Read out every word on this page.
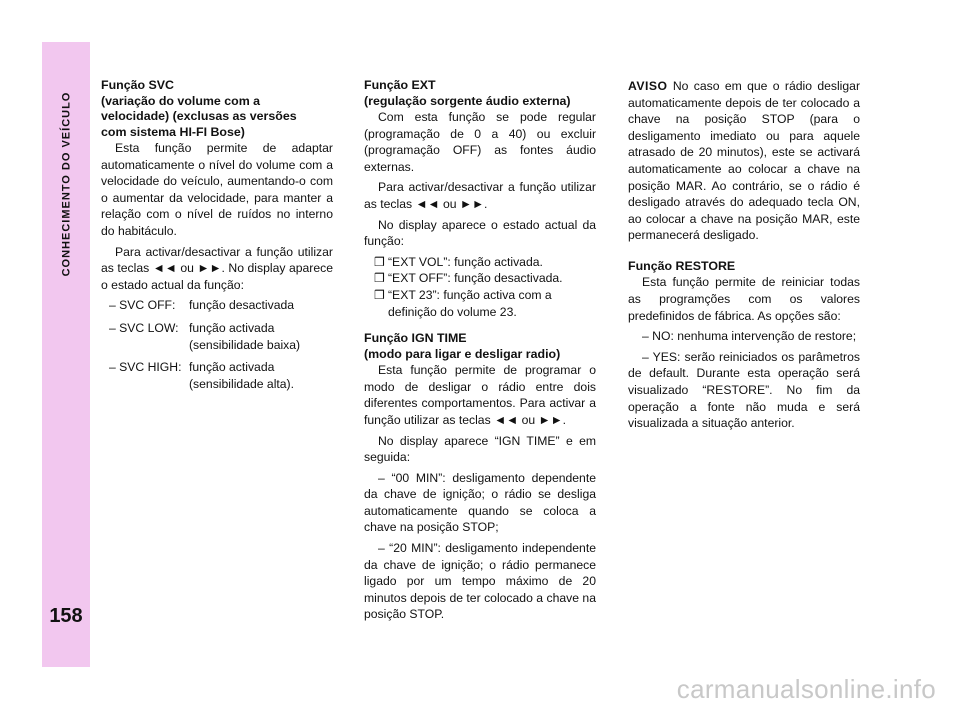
CONHECIMENTO DO VEÍCULO
158
Função SVC
(variação do volume com a
velocidade) (exclusas as versões
com sistema HI-FI Bose)

Esta função permite de adaptar automaticamente o nível do volume com a velocidade do veículo, aumentando-o com o aumentar da velocidade, para manter a relação com o nível de ruídos no interno do habitáculo.

Para activar/desactivar a função utilizar as teclas ◄◄ ou ►►. No display aparece o estado actual da função:

– SVC OFF:	função desactivada
– SVC LOW: função activada (sensibilidade baixa)
– SVC HIGH: função activada (sensibilidade alta).
Função EXT
(regulação sorgente áudio externa)

Com esta função se pode regular (programação de 0 a 40) ou excluir (programação OFF) as fontes áudio externas.

Para activar/desactivar a função utilizar as teclas ◄◄ ou ►►.

No display aparece o estado actual da função:

❒ “EXT VOL”: função activada.
❒ “EXT OFF”: função desactivada.
❒ “EXT 23”: função activa com a definição do volume 23.
Função IGN TIME
(modo para ligar e desligar radio)

Esta função permite de programar o modo de desligar o rádio entre dois diferentes comportamentos. Para activar a função utilizar as teclas ◄◄ ou ►►.

No display aparece “IGN TIME” e em seguida:

– “00 MIN”: desligamento dependente da chave de ignição; o rádio se desliga automaticamente quando se coloca a chave na posição STOP;

– “20 MIN”: desligamento independente da chave de ignição; o rádio permanece ligado por um tempo máximo de 20 minutos depois de ter colocado a chave na posição STOP.

AVISO No caso em que o rádio desligar automaticamente depois de ter colocado a chave na posição STOP (para o desligamento imediato ou para aquele atrasado de 20 minutos), este se activará automaticamente ao colocar a chave na posição MAR. Ao contrário, se o rádio é desligado através do adequado tecla ON, ao colocar a chave na posição MAR, este permanecerá desligado.

Função RESTORE

Esta função permite de reiniciar todas as programções com os valores predefinidos de fábrica. As opções são:

– NO: nenhuma intervenção de restore;

– YES: serão reiniciados os parâmetros de default. Durante esta operação será visualizado “RESTORE”. No fim da operação a fonte não muda e será visualizada a situação anterior.

carmanualsonline.info
